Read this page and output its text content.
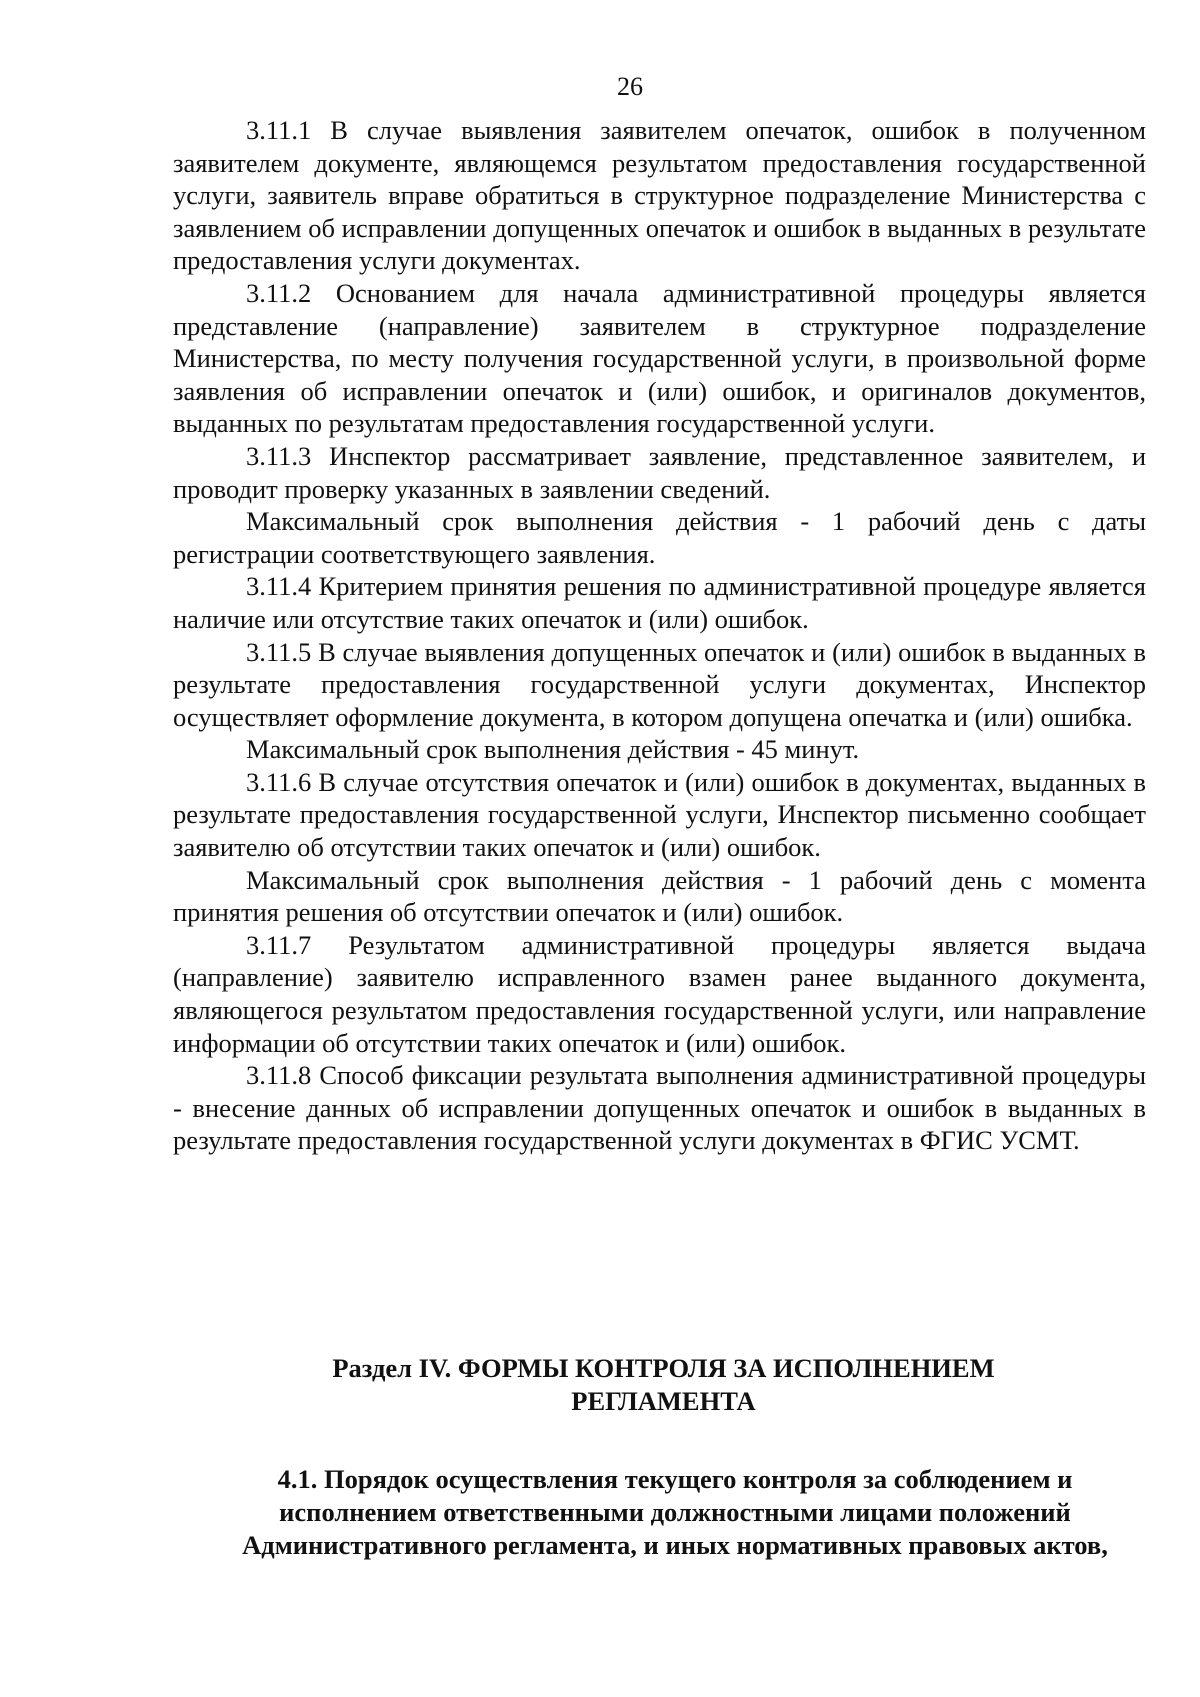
26

3.11.1 В случае выявления заявителем опечаток, ошибок в полученном заявителем документе, являющемся результатом предоставления государственной услуги, заявитель вправе обратиться в структурное подразделение Министерства с заявлением об исправлении допущенных опечаток и ошибок в выданных в результате предоставления услуги документах.

3.11.2 Основанием для начала административной процедуры является представление (направление) заявителем в структурное подразделение Министерства, по месту получения государственной услуги, в произвольной форме заявления об исправлении опечаток и (или) ошибок, и оригиналов документов, выданных по результатам предоставления государственной услуги.

3.11.3 Инспектор рассматривает заявление, представленное заявителем, и проводит проверку указанных в заявлении сведений.

Максимальный срок выполнения действия - 1 рабочий день с даты регистрации соответствующего заявления.

3.11.4 Критерием принятия решения по административной процедуре является наличие или отсутствие таких опечаток и (или) ошибок.

3.11.5 В случае выявления допущенных опечаток и (или) ошибок в выданных в результате предоставления государственной услуги документах, Инспектор осуществляет оформление документа, в котором допущена опечатка и (или) ошибка.

Максимальный срок выполнения действия - 45 минут.

3.11.6 В случае отсутствия опечаток и (или) ошибок в документах, выданных в результате предоставления государственной услуги, Инспектор письменно сообщает заявителю об отсутствии таких опечаток и (или) ошибок.

Максимальный срок выполнения действия - 1 рабочий день с момента принятия решения об отсутствии опечаток и (или) ошибок.

3.11.7 Результатом административной процедуры является выдача (направление) заявителю исправленного взамен ранее выданного документа, являющегося результатом предоставления государственной услуги, или направление информации об отсутствии таких опечаток и (или) ошибок.

3.11.8 Способ фиксации результата выполнения административной процедуры - внесение данных об исправлении допущенных опечаток и ошибок в выданных в результате предоставления государственной услуги документах в ФГИС УСМТ.

Раздел IV. ФОРМЫ КОНТРОЛЯ ЗА ИСПОЛНЕНИЕМ РЕГЛАМЕНТА
4.1. Порядок осуществления текущего контроля за соблюдением и исполнением ответственными должностными лицами положений Административного регламента, и иных нормативных правовых актов,
